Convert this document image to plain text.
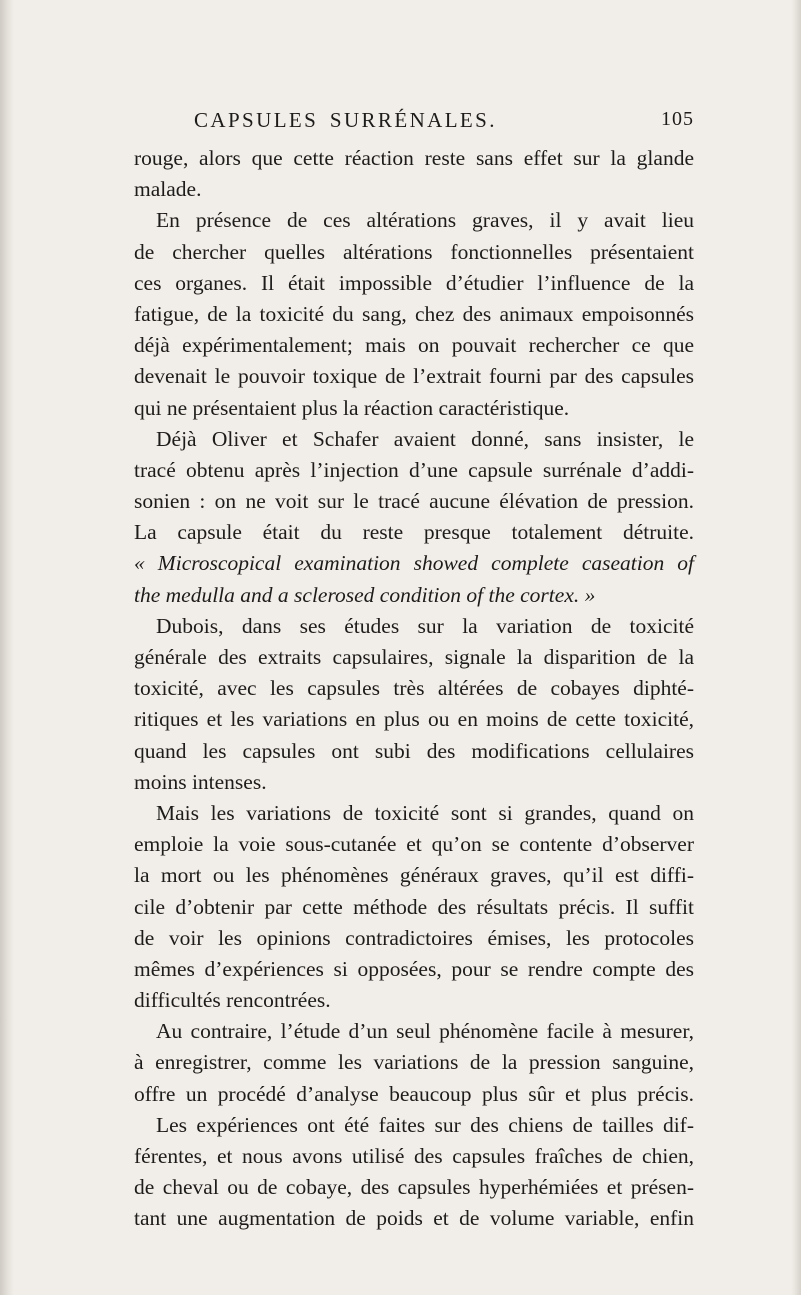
CAPSULES SURRÉNALES.	105
rouge, alors que cette réaction reste sans effet sur la glande
malade.
En présence de ces altérations graves, il y avait lieu
de chercher quelles altérations fonctionnelles présentaient
ces organes. Il était impossible d’étudier l’influence de la
fatigue, de la toxicité du sang, chez des animaux empoisonnés
déjà expérimentalement; mais on pouvait rechercher ce que
devenait le pouvoir toxique de l’extrait fourni par des capsules
qui ne présentaient plus la réaction caractéristique.
Déjà Oliver et Schafer avaient donné, sans insister, le
tracé obtenu après l’injection d’une capsule surrénale d’addi-
sonien : on ne voit sur le tracé aucune élévation de pression.
La capsule était du reste presque totalement détruite.
« Microscopical examination showed complete caseation of
the medulla and a sclerosed condition of the cortex. »
Dubois, dans ses études sur la variation de toxicité
générale des extraits capsulaires, signale la disparition de la
toxicité, avec les capsules très altérées de cobayes diphté-
ritiques et les variations en plus ou en moins de cette toxicité,
quand les capsules ont subi des modifications cellulaires
moins intenses.
Mais les variations de toxicité sont si grandes, quand on
emploie la voie sous-cutanée et qu’on se contente d’observer
la mort ou les phénomènes généraux graves, qu’il est diffi-
cile d’obtenir par cette méthode des résultats précis. Il suffit
de voir les opinions contradictoires émises, les protocoles
mêmes d’expériences si opposées, pour se rendre compte des
difficultés rencontrées.
Au contraire, l’étude d’un seul phénomène facile à mesurer,
à enregistrer, comme les variations de la pression sanguine,
offre un procédé d’analyse beaucoup plus sûr et plus précis.
Les expériences ont été faites sur des chiens de tailles dif-
férentes, et nous avons utilisé des capsules fraîches de chien,
de cheval ou de cobaye, des capsules hyperhémiées et présen-
tant une augmentation de poids et de volume variable, enfin
